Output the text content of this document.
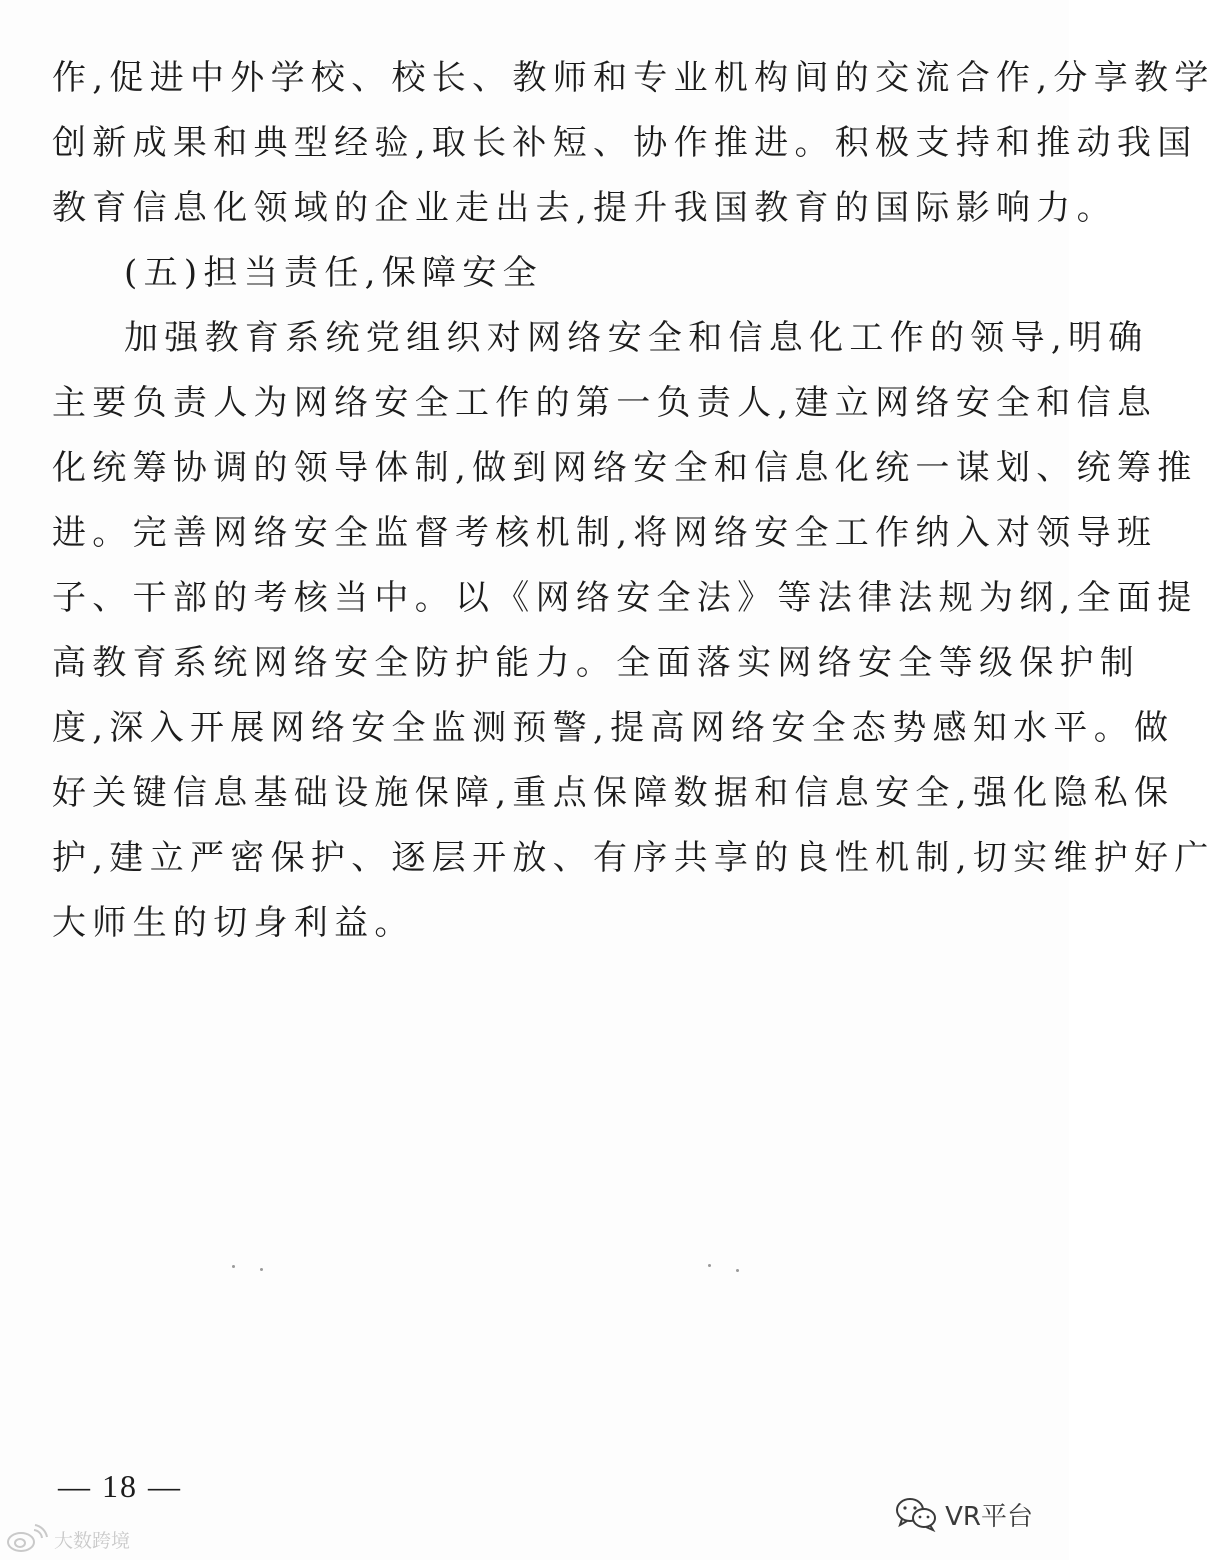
作,促进中外学校、校长、教师和专业机构间的交流合作,分享教学
创新成果和典型经验,取长补短、协作推进。积极支持和推动我国
教育信息化领域的企业走出去,提升我国教育的国际影响力。
(五)担当责任,保障安全
加强教育系统党组织对网络安全和信息化工作的领导,明确
主要负责人为网络安全工作的第一负责人,建立网络安全和信息
化统筹协调的领导体制,做到网络安全和信息化统一谋划、统筹推
进。完善网络安全监督考核机制,将网络安全工作纳入对领导班
子、干部的考核当中。以《网络安全法》等法律法规为纲,全面提
高教育系统网络安全防护能力。全面落实网络安全等级保护制
度,深入开展网络安全监测预警,提高网络安全态势感知水平。做
好关键信息基础设施保障,重点保障数据和信息安全,强化隐私保
护,建立严密保护、逐层开放、有序共享的良性机制,切实维护好广
大师生的切身利益。
— 18 —
大数跨境
VR平台
